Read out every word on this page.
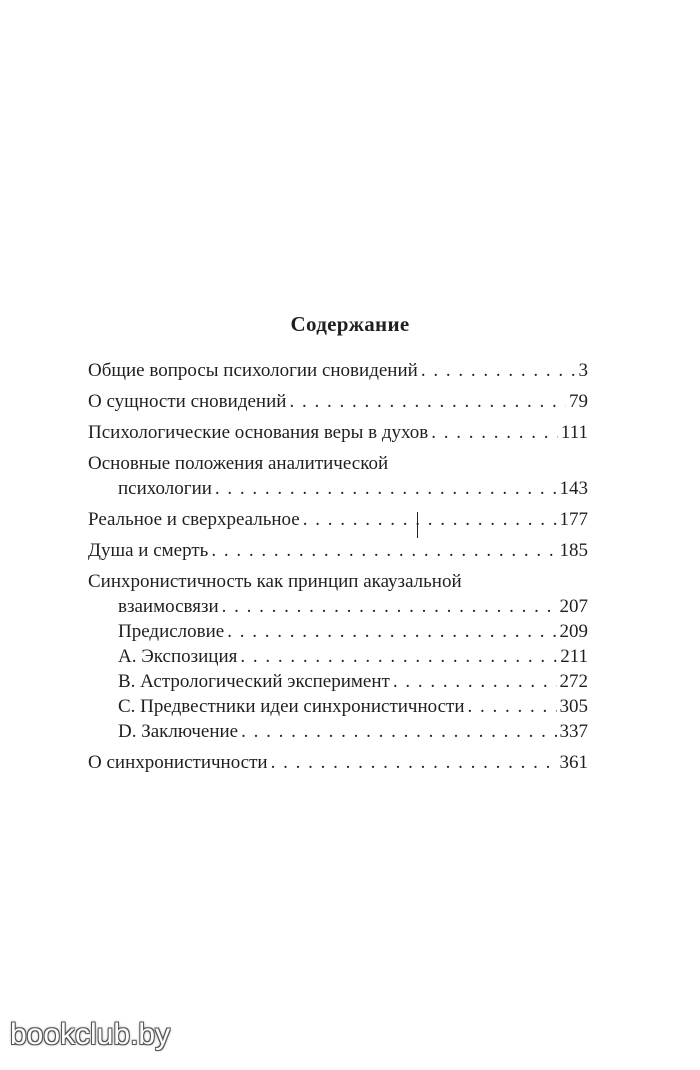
Содержание
Общие вопросы психологии сновидений . . .	3
О сущности сновидений . . .	79
Психологические основания веры в духов . . .	111
Основные положения аналитической
психологии . . .	143
Реальное и сверхреальное . . .	177
Душа и смерть . . .	185
Синхронистичность как принцип акаузальной
взаимосвязи . . .	207
Предисловие . . .	209
A. Экспозиция . . .	211
B. Астрологический эксперимент . . .	272
C. Предвестники идеи синхронистичности . . .	305
D. Заключение . . .	337
О синхронистичности . . .	361
bookclub.by
